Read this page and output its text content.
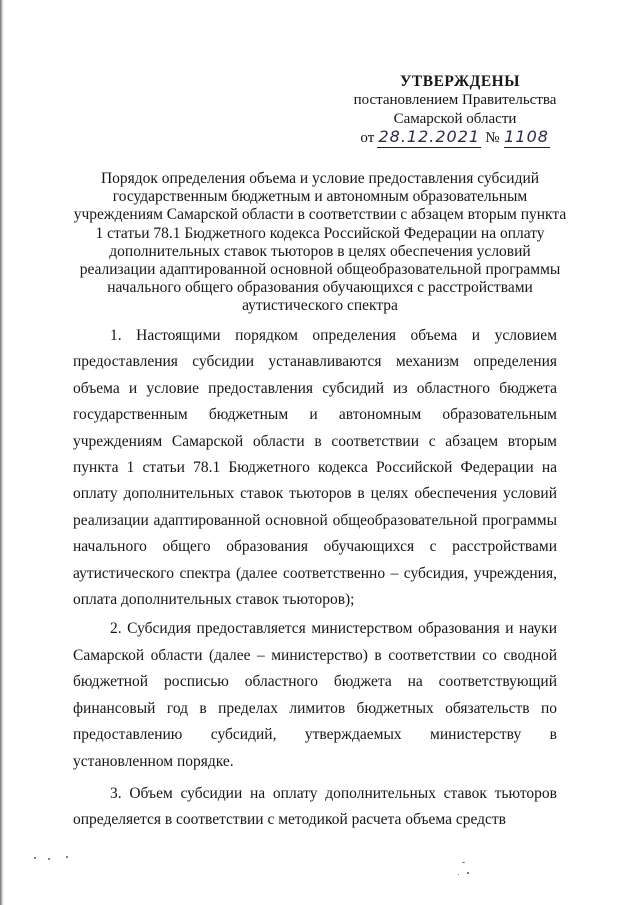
УТВЕРЖДЕНЫ
постановлением Правительства
Самарской области
от 28.12.2021 № 1108
Порядок определения объема и условие предоставления субсидий государственным бюджетным и автономным образовательным учреждениям Самарской области в соответствии с абзацем вторым пункта 1 статьи 78.1 Бюджетного кодекса Российской Федерации на оплату дополнительных ставок тьюторов в целях обеспечения условий реализации адаптированной основной общеобразовательной программы начального общего образования обучающихся с расстройствами аутистического спектра

1. Настоящими порядком определения объема и условием предоставления субсидии устанавливаются механизм определения объема и условие предоставления субсидий из областного бюджета государственным бюджетным и автономным образовательным учреждениям Самарской области в соответствии с абзацем вторым пункта 1 статьи 78.1 Бюджетного кодекса Российской Федерации на оплату дополнительных ставок тьюторов в целях обеспечения условий реализации адаптированной основной общеобразовательной программы начального общего образования обучающихся с расстройствами аутистического спектра (далее соответственно – субсидия, учреждения, оплата дополнительных ставок тьюторов);

2. Субсидия предоставляется министерством образования и науки Самарской области (далее – министерство) в соответствии со сводной бюджетной росписью областного бюджета на соответствующий финансовый год в пределах лимитов бюджетных обязательств по предоставлению субсидий, утверждаемых министерству в установленном порядке.

3. Объем субсидии на оплату дополнительных ставок тьюторов определяется в соответствии с методикой расчета объема средств
